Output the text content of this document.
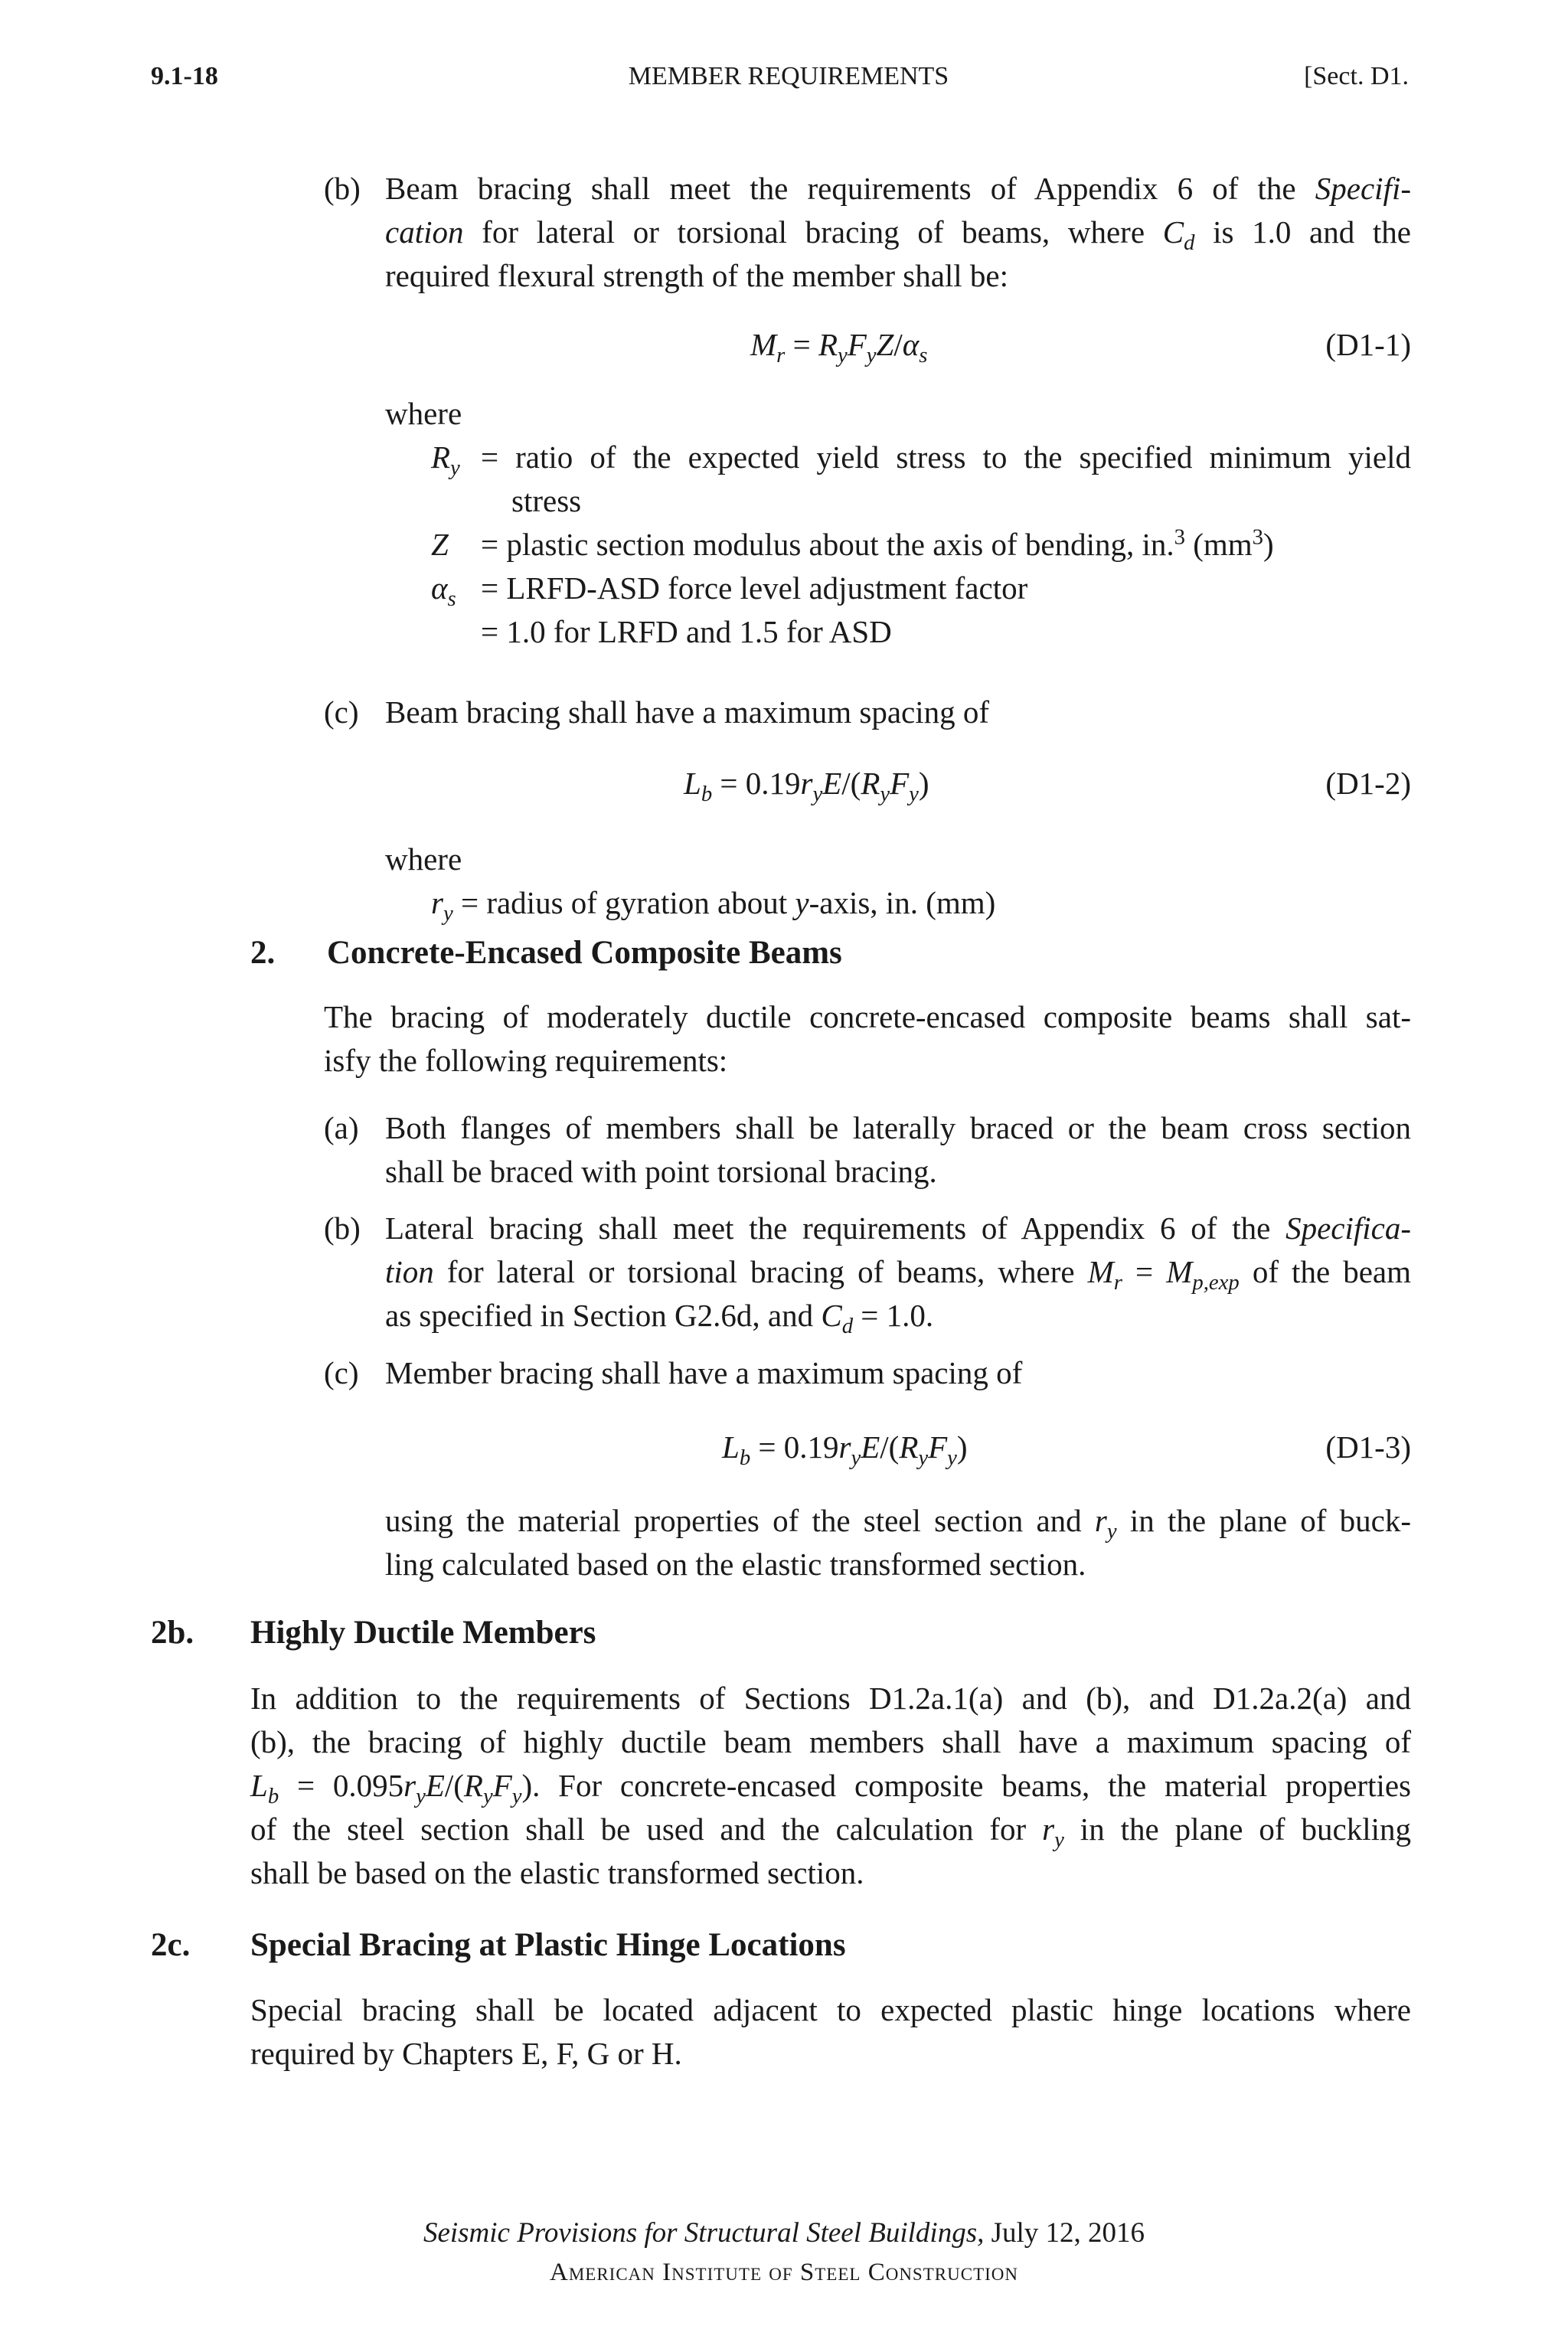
9.1-18	MEMBER REQUIREMENTS	[Sect. D1.
(b) Beam bracing shall meet the requirements of Appendix 6 of the Specifi-
cation for lateral or torsional bracing of beams, where $C_d$ is 1.0 and the
required flexural strength of the member shall be:
$M_r = R_yF_yZ/\alpha_s$	(D1-1)
where
$R_y$ = ratio of the expected yield stress to the specified minimum yield
stress
Z = plastic section modulus about the axis of bending, in.$^3$ $(mm^3)$
$\alpha_s$ = LRFD-ASD force level adjustment factor
= 1.0 for LRFD and 1.5 for ASD
(c) Beam bracing shall have a maximum spacing of
$L_b = 0.19r_yE/(R_yF_y)$	(D1-2)
where
$r_y$ = radius of gyration about y-axis, in. (mm)
2. Concrete-Encased Composite Beams
The bracing of moderately ductile concrete-encased composite beams shall sat-
isfy the following requirements:
(a) Both flanges of members shall be laterally braced or the beam cross section
shall be braced with point torsional bracing.
(b) Lateral bracing shall meet the requirements of Appendix 6 of the Specifica-
tion for lateral or torsional bracing of beams, where $M_r = M_{p,exp}$ of the beam
as specified in Section G2.6d, and $C_d = 1.0$.
(c) Member bracing shall have a maximum spacing of
$L_b = 0.19r_yE/(R_yF_y)$	(D1-3)
using the material properties of the steel section and $r_y$ in the plane of buck-
ling calculated based on the elastic transformed section.
2b. Highly Ductile Members
In addition to the requirements of Sections D1.2a.1(a) and (b), and D1.2a.2(a) and
(b), the bracing of highly ductile beam members shall have a maximum spacing of
$L_b = 0.095r_yE/(R_yF_y)$. For concrete-encased composite beams, the material properties
of the steel section shall be used and the calculation for $r_y$ in the plane of buckling
shall be based on the elastic transformed section.
2c. Special Bracing at Plastic Hinge Locations
Special bracing shall be located adjacent to expected plastic hinge locations where
required by Chapters E, F, G or H.
Seismic Provisions for Structural Steel Buildings, July 12, 2016
American Institute of Steel Construction
